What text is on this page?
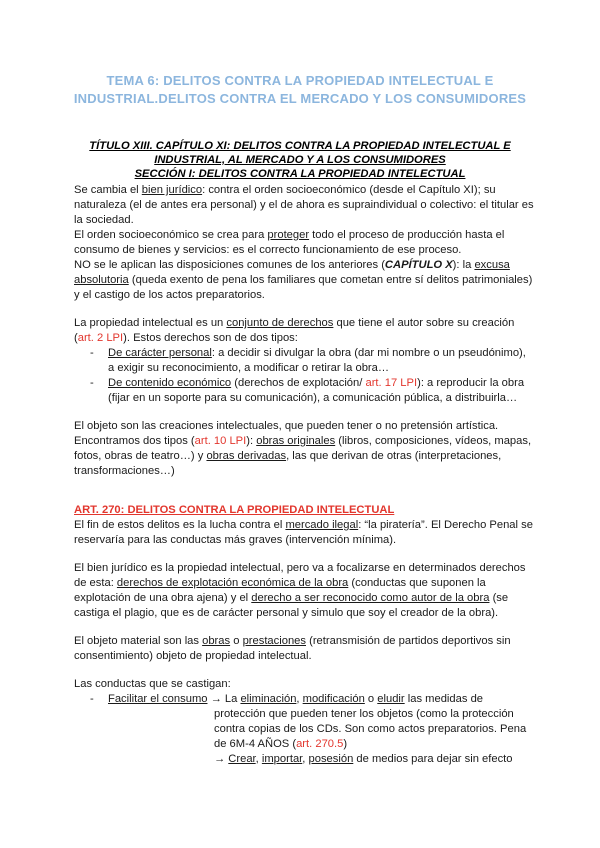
TEMA 6: DELITOS CONTRA LA PROPIEDAD INTELECTUAL E INDUSTRIAL.DELITOS CONTRA EL MERCADO Y LOS CONSUMIDORES

TÍTULO XIII. CAPÍTULO XI: DELITOS CONTRA LA PROPIEDAD INTELECTUAL E

INDUSTRIAL, AL MERCADO Y A LOS CONSUMIDORES

SECCIÓN I: DELITOS CONTRA LA PROPIEDAD INTELECTUAL

Se cambia el bien jurídico: contra el orden socioeconómico (desde el Capítulo XI); su naturaleza (el de antes era personal) y el de ahora es supraindividual o colectivo: el titular es la sociedad.

El orden socioeconómico se crea para proteger todo el proceso de producción hasta el consumo de bienes y servicios: es el correcto funcionamiento de ese proceso.

NO se le aplican las disposiciones comunes de los anteriores (CAPÍTULO X): la excusa absolutoria (queda exento de pena los familiares que cometan entre sí delitos patrimoniales) y el castigo de los actos preparatorios.

La propiedad intelectual es un conjunto de derechos que tiene el autor sobre su creación (art. 2 LPI). Estos derechos son de dos tipos:

- De carácter personal: a decidir si divulgar la obra (dar mi nombre o un pseudónimo), a exigir su reconocimiento, a modificar o retirar la obra…
- De contenido económico (derechos de explotación/ art. 17 LPI): a reproducir la obra (fijar en un soporte para su comunicación), a comunicación pública, a distribuirla…

El objeto son las creaciones intelectuales, que pueden tener o no pretensión artística. Encontramos dos tipos (art. 10 LPI): obras originales (libros, composiciones, vídeos, mapas, fotos, obras de teatro…) y obras derivadas, las que derivan de otras (interpretaciones, transformaciones…)

ART. 270: DELITOS CONTRA LA PROPIEDAD INTELECTUAL

El fin de estos delitos es la lucha contra el mercado ilegal: “la piratería”. El Derecho Penal se reservaría para las conductas más graves (intervención mínima).

El bien jurídico es la propiedad intelectual, pero va a focalizarse en determinados derechos de esta: derechos de explotación económica de la obra (conductas que suponen la explotación de una obra ajena) y el derecho a ser reconocido como autor de la obra (se castiga el plagio, que es de carácter personal y simulo que soy el creador de la obra).

El objeto material son las obras o prestaciones (retransmisión de partidos deportivos sin consentimiento) objeto de propiedad intelectual.

Las conductas que se castigan:

- Facilitar el consumo → La eliminación, modificación o eludir las medidas de

protección que pueden tener los objetos (como la protección contra copias de los CDs. Son como actos preparatorios. Pena de 6M-4 AÑOS (art. 270.5)

→ Crear, importar, posesión de medios para dejar sin efecto
